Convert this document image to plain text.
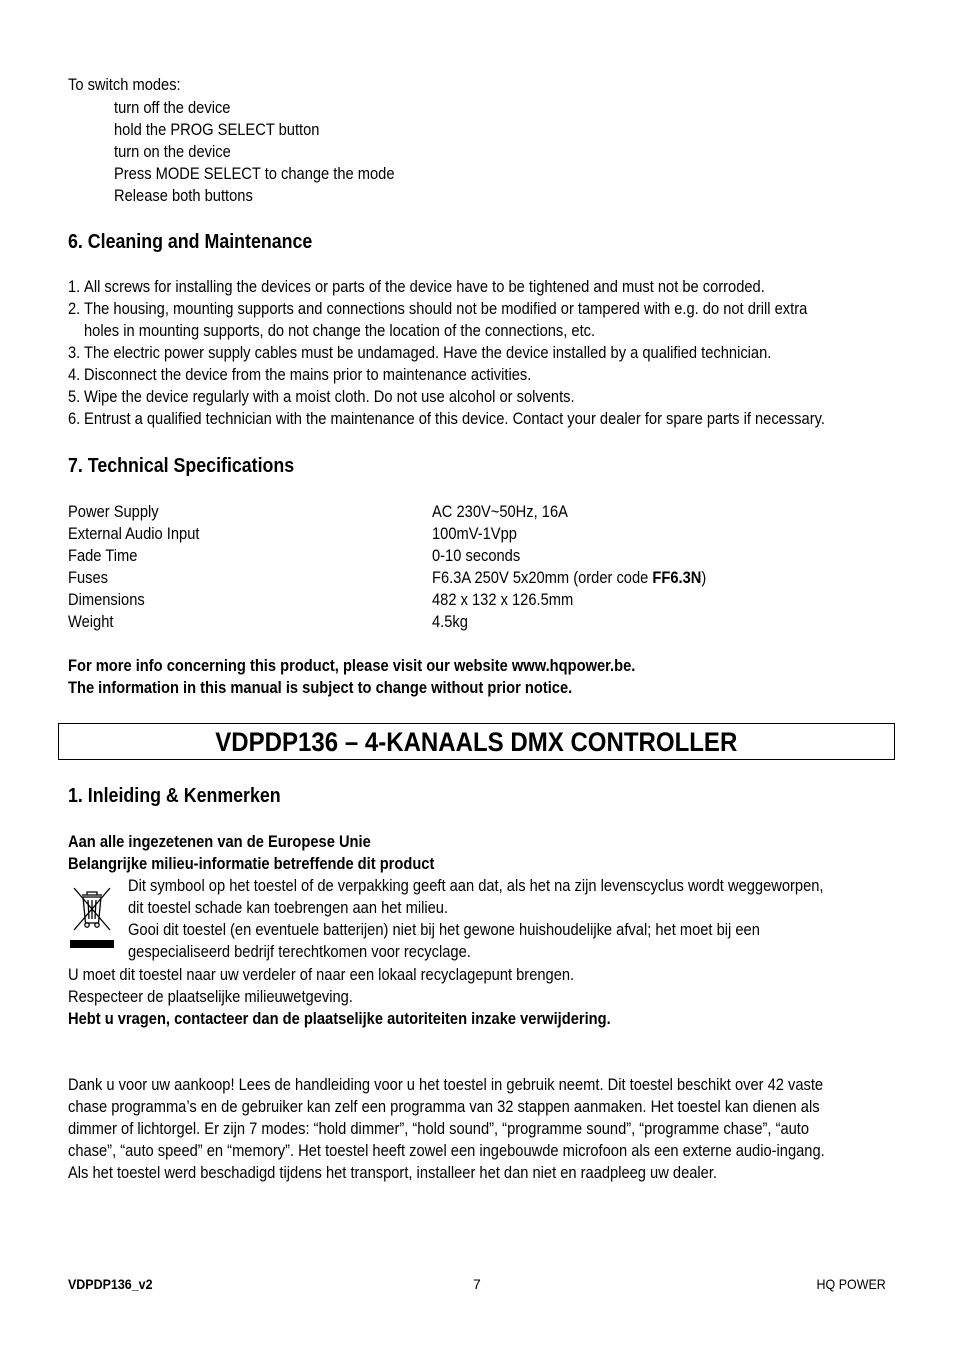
To switch modes:
turn off the device
hold the PROG SELECT button
turn on the device
Press MODE SELECT to change the mode
Release both buttons
6. Cleaning and Maintenance
1. All screws for installing the devices or parts of the device have to be tightened and must not be corroded.
2. The housing, mounting supports and connections should not be modified or tampered with e.g. do not drill extra
holes in mounting supports, do not change the location of the connections, etc.
3. The electric power supply cables must be undamaged. Have the device installed by a qualified technician.
4. Disconnect the device from the mains prior to maintenance activities.
5. Wipe the device regularly with a moist cloth. Do not use alcohol or solvents.
6. Entrust a qualified technician with the maintenance of this device. Contact your dealer for spare parts if necessary.
7. Technical Specifications
Power Supply	AC 230V~50Hz, 16A
External Audio Input	100mV-1Vpp
Fade Time	0-10 seconds
Fuses	F6.3A 250V 5x20mm (order code FF6.3N)
Dimensions	482 x 132 x 126.5mm
Weight	4.5kg
For more info concerning this product, please visit our website www.hqpower.be.
The information in this manual is subject to change without prior notice.
VDPDP136 – 4-KANAALS DMX CONTROLLER
1. Inleiding & Kenmerken
Aan alle ingezetenen van de Europese Unie
Belangrijke milieu-informatie betreffende dit product
Dit symbool op het toestel of de verpakking geeft aan dat, als het na zijn levenscyclus wordt weggeworpen,
dit toestel schade kan toebrengen aan het milieu.
Gooi dit toestel (en eventuele batterijen) niet bij het gewone huishoudelijke afval; het moet bij een
gespecialiseerd bedrijf terechtkomen voor recyclage.
U moet dit toestel naar uw verdeler of naar een lokaal recyclagepunt brengen.
Respecteer de plaatselijke milieuwetgeving.
Hebt u vragen, contacteer dan de plaatselijke autoriteiten inzake verwijdering.
Dank u voor uw aankoop! Lees de handleiding voor u het toestel in gebruik neemt. Dit toestel beschikt over 42 vaste
chase programma’s en de gebruiker kan zelf een programma van 32 stappen aanmaken. Het toestel kan dienen als
dimmer of lichtorgel. Er zijn 7 modes: “hold dimmer”, “hold sound”, “programme sound”, “programme chase”, “auto
chase”, “auto speed” en “memory”. Het toestel heeft zowel een ingebouwde microfoon als een externe audio-ingang.
Als het toestel werd beschadigd tijdens het transport, installeer het dan niet en raadpleeg uw dealer.
VDPDP136_v2	7	HQ POWER
